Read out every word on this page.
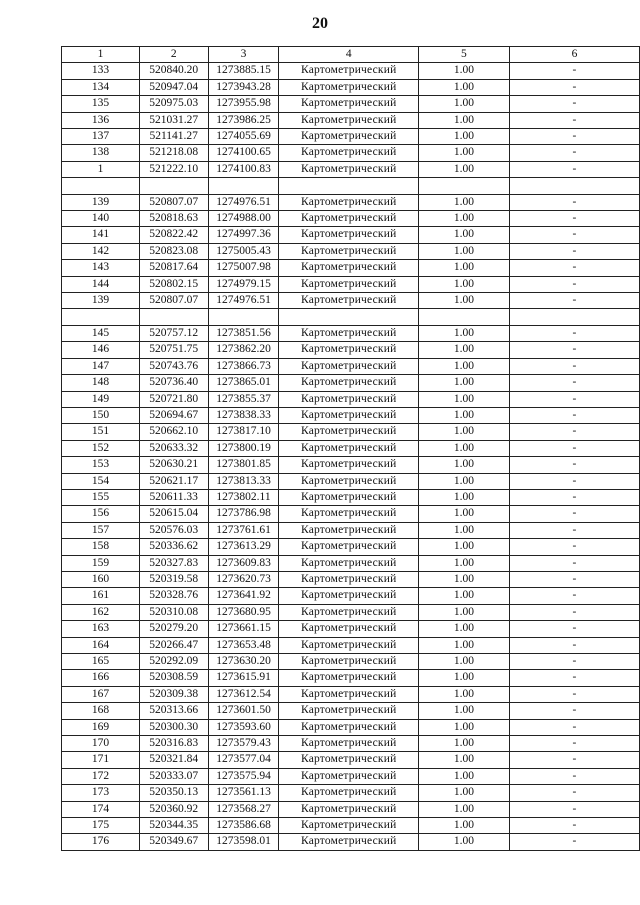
20
1	2	3	4	5	6
133	520840.20	1273885.15	Картометрический	1.00	-
134	520947.04	1273943.28	Картометрический	1.00	-
135	520975.03	1273955.98	Картометрический	1.00	-
136	521031.27	1273986.25	Картометрический	1.00	-
137	521141.27	1274055.69	Картометрический	1.00	-
138	521218.08	1274100.65	Картометрический	1.00	-
1	521222.10	1274100.83	Картометрический	1.00	-

139	520807.07	1274976.51	Картометрический	1.00	-
140	520818.63	1274988.00	Картометрический	1.00	-
141	520822.42	1274997.36	Картометрический	1.00	-
142	520823.08	1275005.43	Картометрический	1.00	-
143	520817.64	1275007.98	Картометрический	1.00	-
144	520802.15	1274979.15	Картометрический	1.00	-
139	520807.07	1274976.51	Картометрический	1.00	-

145	520757.12	1273851.56	Картометрический	1.00	-
146	520751.75	1273862.20	Картометрический	1.00	-
147	520743.76	1273866.73	Картометрический	1.00	-
148	520736.40	1273865.01	Картометрический	1.00	-
149	520721.80	1273855.37	Картометрический	1.00	-
150	520694.67	1273838.33	Картометрический	1.00	-
151	520662.10	1273817.10	Картометрический	1.00	-
152	520633.32	1273800.19	Картометрический	1.00	-
153	520630.21	1273801.85	Картометрический	1.00	-
154	520621.17	1273813.33	Картометрический	1.00	-
155	520611.33	1273802.11	Картометрический	1.00	-
156	520615.04	1273786.98	Картометрический	1.00	-
157	520576.03	1273761.61	Картометрический	1.00	-
158	520336.62	1273613.29	Картометрический	1.00	-
159	520327.83	1273609.83	Картометрический	1.00	-
160	520319.58	1273620.73	Картометрический	1.00	-
161	520328.76	1273641.92	Картометрический	1.00	-
162	520310.08	1273680.95	Картометрический	1.00	-
163	520279.20	1273661.15	Картометрический	1.00	-
164	520266.47	1273653.48	Картометрический	1.00	-
165	520292.09	1273630.20	Картометрический	1.00	-
166	520308.59	1273615.91	Картометрический	1.00	-
167	520309.38	1273612.54	Картометрический	1.00	-
168	520313.66	1273601.50	Картометрический	1.00	-
169	520300.30	1273593.60	Картометрический	1.00	-
170	520316.83	1273579.43	Картометрический	1.00	-
171	520321.84	1273577.04	Картометрический	1.00	-
172	520333.07	1273575.94	Картометрический	1.00	-
173	520350.13	1273561.13	Картометрический	1.00	-
174	520360.92	1273568.27	Картометрический	1.00	-
175	520344.35	1273586.68	Картометрический	1.00	-
176	520349.67	1273598.01	Картометрический	1.00	-
